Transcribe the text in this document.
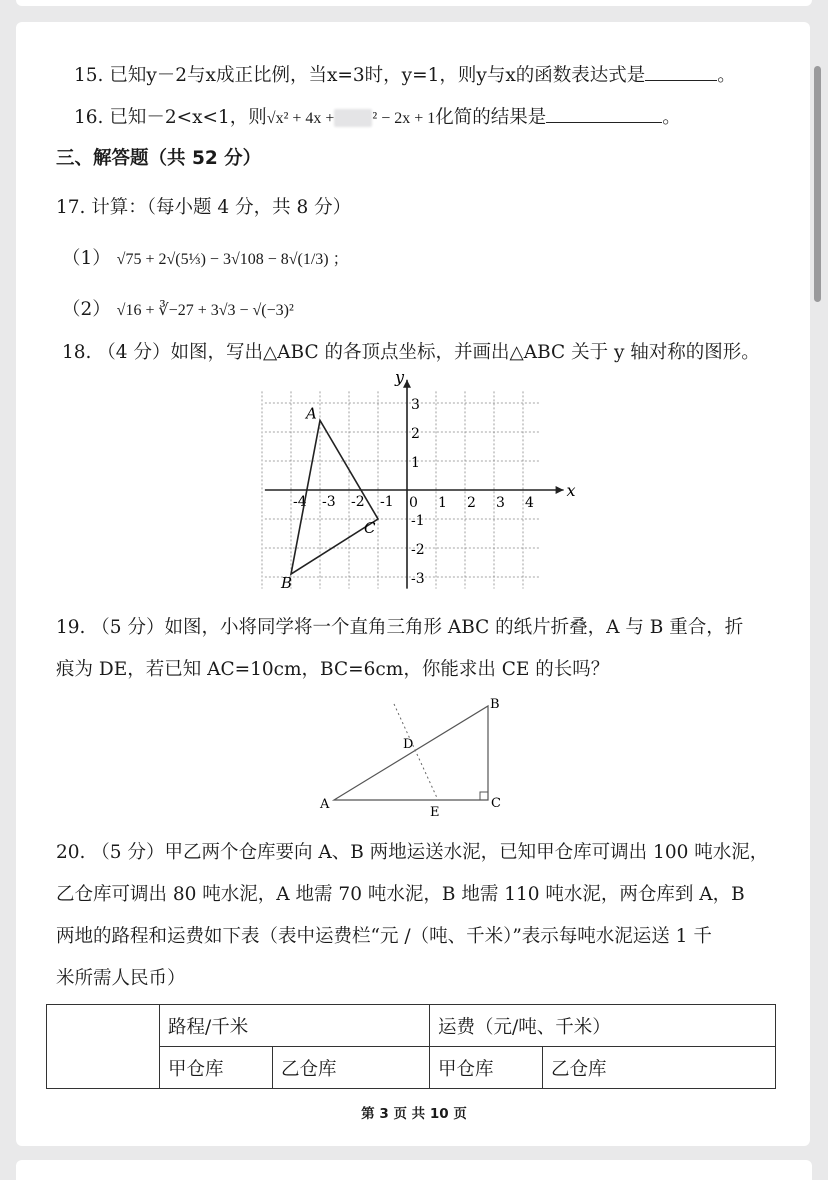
15. 已知y－2与x成正比例，当x=3时，y=1，则y与x的函数表达式是	。
16. 已知－2<x<1，则√x² + 4x + ² − 2x + 1化简的结果是	。
三、解答题（共 52 分）
17. 计算：（每小题 4 分，共 8 分）
（1） √75 + 2√(5⅓) − 3√108 − 8√(1/3) ；
（2） √16 + ∛−27 + 3√3 − √(−3)²
18. （4 分）如图，写出△ABC 的各顶点坐标，并画出△ABC 关于 y 轴对称的图形。
x
y
-4 -3 -2 -1 0 1 2 3 4
3
2
1
-1
-2
-3
A
B
C
19. （5 分）如图，小将同学将一个直角三角形 ABC 的纸片折叠，A 与 B 重合，折
痕为 DE，若已知 AC=10cm，BC=6cm，你能求出 CE 的长吗？
A
B
C
D
E
20. （5 分）甲乙两个仓库要向 A、B 两地运送水泥，已知甲仓库可调出 100 吨水泥，
乙仓库可调出 80 吨水泥，A 地需 70 吨水泥，B 地需 110 吨水泥，两仓库到 A，B
两地的路程和运费如下表（表中运费栏“元 /（吨、千米）”表示每吨水泥运送 1 千
米所需人民币）
	路程/千米		运费（元/吨、千米）	
	甲仓库	乙仓库	甲仓库	乙仓库
第 3 页 共 10 页
